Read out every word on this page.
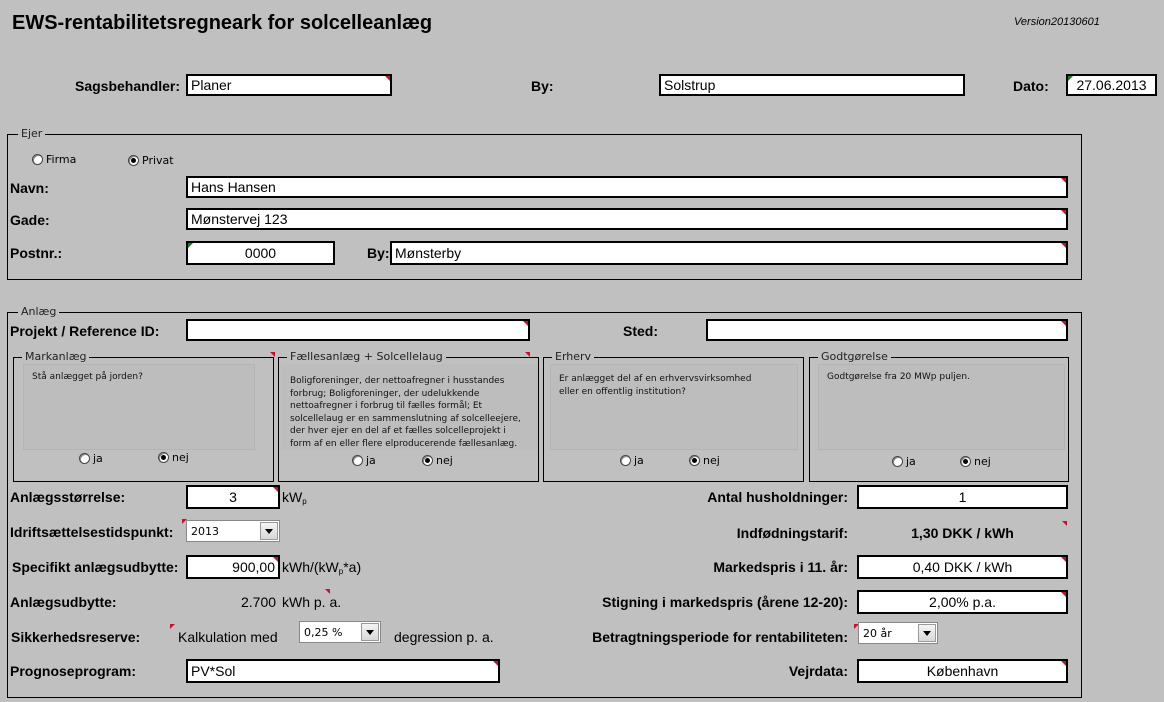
EWS-rentabilitetsregneark for solcelleanlæg	Version20130601
Sagsbehandler: Planer	By:	Solstrup	Dato:	27.06.2013
Ejer
Firma	Privat
Navn:	Hans Hansen
Gade:	Mønstervej 123
Postnr.:	0000	By: Mønsterby
Anlæg
Projekt / Reference ID:	Sted:
Markanlæg
Stå anlægget på jorden?
ja	nej
Fællesanlæg + Solcellelaug
Boligforeninger, der nettoafregner i husstandes forbrug; Boligforeninger, der udelukkende nettoafregner i forbrug til fælles formål; Et solcellelaug er en sammenslutning af solcelleejere, der hver ejer en del af et fælles solcelleprojekt i form af en eller flere elproducerende fællesanlæg.
ja	nej
Erherv
Er anlægget del af en erhvervsvirksomhed eller en offentlig institution?
ja	nej
Godtgørelse
Godtgørelse fra 20 MWp puljen.
ja	nej
Anlægsstørrelse:	3	$kW_p$
Idriftsættelsestidspunkt: 2013
Specifikt anlægsudbytte:	900,00 kWh/$(kW_p*a)$
Anlægsudbytte:	2.700 kWh p. a.
Sikkerhedsreserve:	Kalkulation med 0,25 %	degression p. a.
Prognoseprogram:	PV*Sol
Antal husholdninger:	1
Indfødningstarif:	1,30 DKK / kWh
Markedspris i 11. år:	0,40 DKK / kWh
Stigning i markedspris (årene 12-20):	2,00% p.a.
Betragtningsperiode for rentabiliteten: 20 år
Vejrdata:	København
